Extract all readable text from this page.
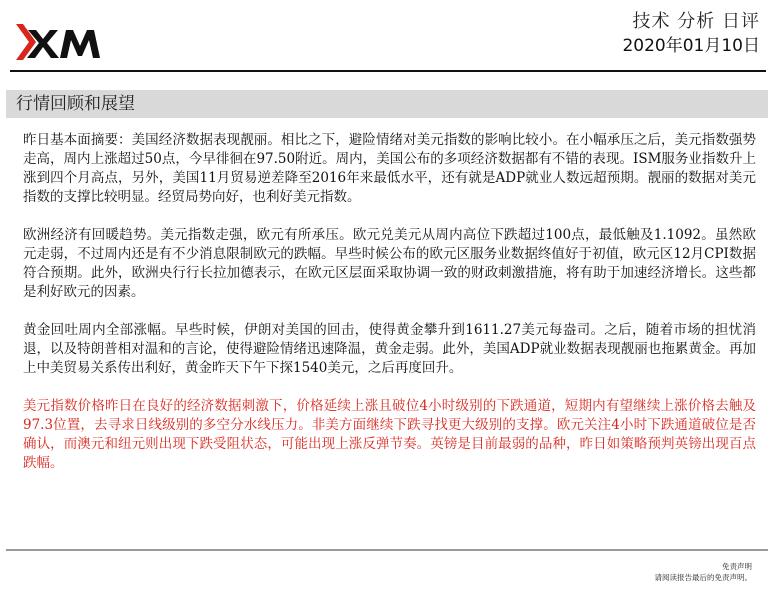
技术 分析 日评
2020年01月10日
行情回顾和展望

昨日基本面摘要：美国经济数据表现靓丽。相比之下，避险情绪对美元指数的影响比较小。在小幅承压之后，美元指数强势走高，周内上涨超过50点，今早徘徊在97.50附近。周内，美国公布的多项经济数据都有不错的表现。ISM服务业指数升上涨到四个月高点，另外，美国11月贸易逆差降至2016年来最低水平，还有就是ADP就业人数远超预期。靓丽的数据对美元指数的支撑比较明显。经贸局势向好，也利好美元指数。

欧洲经济有回暖趋势。美元指数走强，欧元有所承压。欧元兑美元从周内高位下跌超过100点，最低触及1.1092。虽然欧元走弱，不过周内还是有不少消息限制欧元的跌幅。早些时候公布的欧元区服务业数据终值好于初值，欧元区12月CPI数据符合预期。此外，欧洲央行行长拉加德表示，在欧元区层面采取协调一致的财政刺激措施，将有助于加速经济增长。这些都是利好欧元的因素。

黄金回吐周内全部涨幅。早些时候，伊朗对美国的回击，使得黄金攀升到1611.27美元每盎司。之后，随着市场的担忧消退，以及特朗普相对温和的言论，使得避险情绪迅速降温，黄金走弱。此外，美国ADP就业数据表现靓丽也拖累黄金。再加上中美贸易关系传出利好，黄金昨天下午下探1540美元，之后再度回升。

美元指数价格昨日在良好的经济数据刺激下，价格延续上涨且破位4小时级别的下跌通道，短期内有望继续上涨价格去触及97.3位置，去寻求日线级别的多空分水线压力。非美方面继续下跌寻找更大级别的支撑。欧元关注4小时下跌通道破位是否确认，而澳元和纽元则出现下跌受阻状态，可能出现上涨反弹节奏。英镑是目前最弱的品种，昨日如策略预判英镑出现百点跌幅。

免责声明
请阅读报告最后的免责声明。
